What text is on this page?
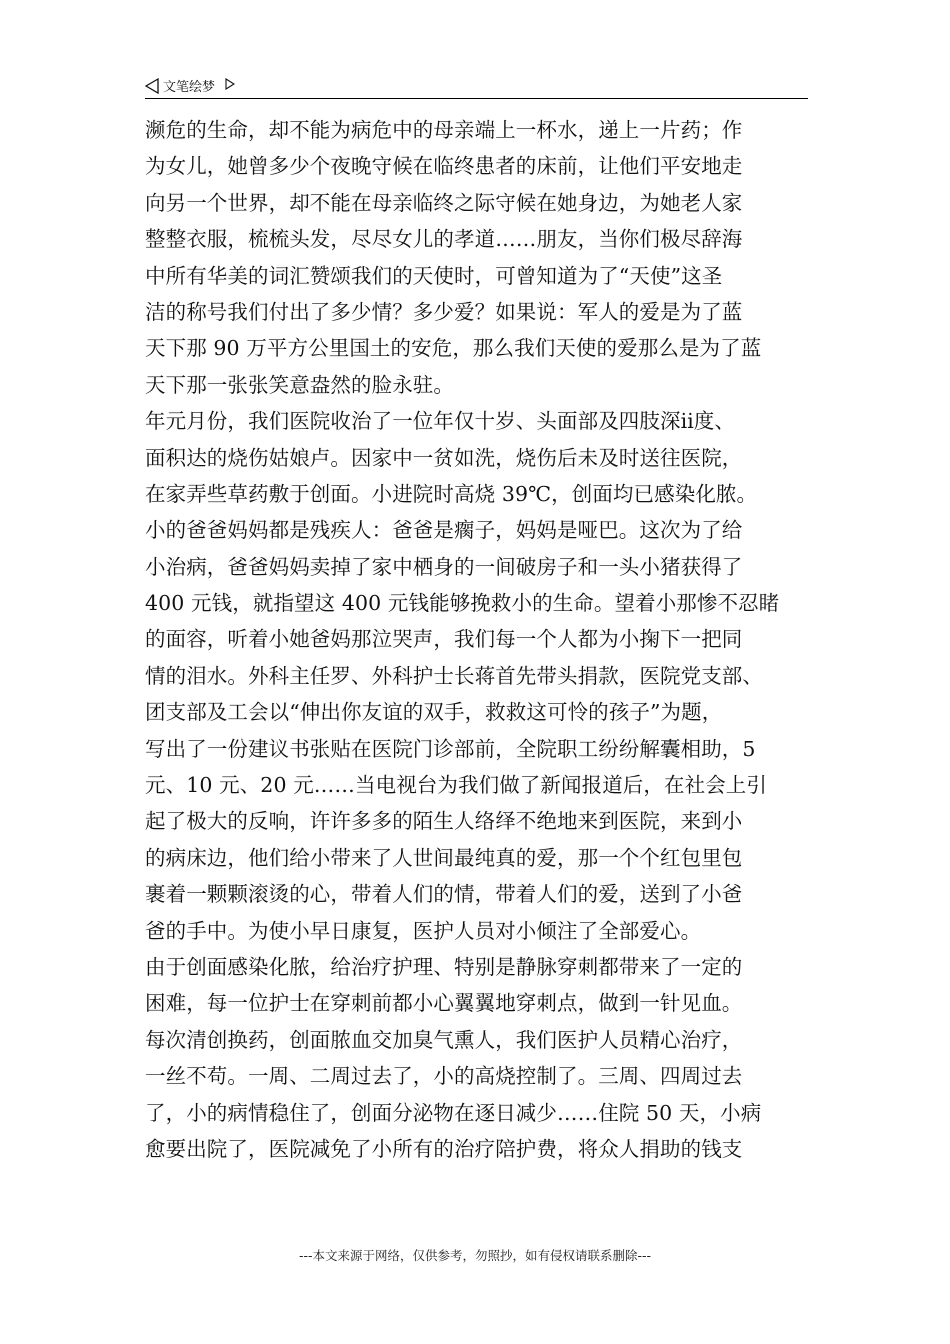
文笔绘梦
濒危的生命，却不能为病危中的母亲端上一杯水，递上一片药；作
为女儿，她曾多少个夜晚守候在临终患者的床前，让他们平安地走
向另一个世界，却不能在母亲临终之际守候在她身边，为她老人家
整整衣服，梳梳头发，尽尽女儿的孝道……朋友，当你们极尽辞海
中所有华美的词汇赞颂我们的天使时，可曾知道为了“天使”这圣
洁的称号我们付出了多少情？多少爱？如果说：军人的爱是为了蓝
天下那 90 万平方公里国土的安危，那么我们天使的爱那么是为了蓝
天下那一张张笑意盎然的脸永驻。
年元月份，我们医院收治了一位年仅十岁、头面部及四肢深ⅱ度、
面积达的烧伤姑娘卢。因家中一贫如洗，烧伤后未及时送往医院，
在家弄些草药敷于创面。小进院时高烧 39℃，创面均已感染化脓。
小的爸爸妈妈都是残疾人：爸爸是瘸子，妈妈是哑巴。这次为了给
小治病，爸爸妈妈卖掉了家中栖身的一间破房子和一头小猪获得了
400 元钱，就指望这 400 元钱能够挽救小的生命。望着小那惨不忍睹
的面容，听着小她爸妈那泣哭声，我们每一个人都为小掬下一把同
情的泪水。外科主任罗、外科护士长蒋首先带头捐款，医院党支部、
团支部及工会以“伸出你友谊的双手，救救这可怜的孩子”为题，
写出了一份建议书张贴在医院门诊部前，全院职工纷纷解囊相助，5
元、10 元、20 元……当电视台为我们做了新闻报道后，在社会上引
起了极大的反响，许许多多的陌生人络绎不绝地来到医院，来到小
的病床边，他们给小带来了人世间最纯真的爱，那一个个红包里包
裹着一颗颗滚烫的心，带着人们的情，带着人们的爱，送到了小爸
爸的手中。为使小早日康复，医护人员对小倾注了全部爱心。
由于创面感染化脓，给治疗护理、特别是静脉穿刺都带来了一定的
困难，每一位护士在穿刺前都小心翼翼地穿刺点，做到一针见血。
每次清创换药，创面脓血交加臭气熏人，我们医护人员精心治疗，
一丝不苟。一周、二周过去了，小的高烧控制了。三周、四周过去
了，小的病情稳住了，创面分泌物在逐日减少……住院 50 天，小病
愈要出院了，医院减免了小所有的治疗陪护费，将众人捐助的钱支
---本文来源于网络，仅供参考，勿照抄，如有侵权请联系删除---
